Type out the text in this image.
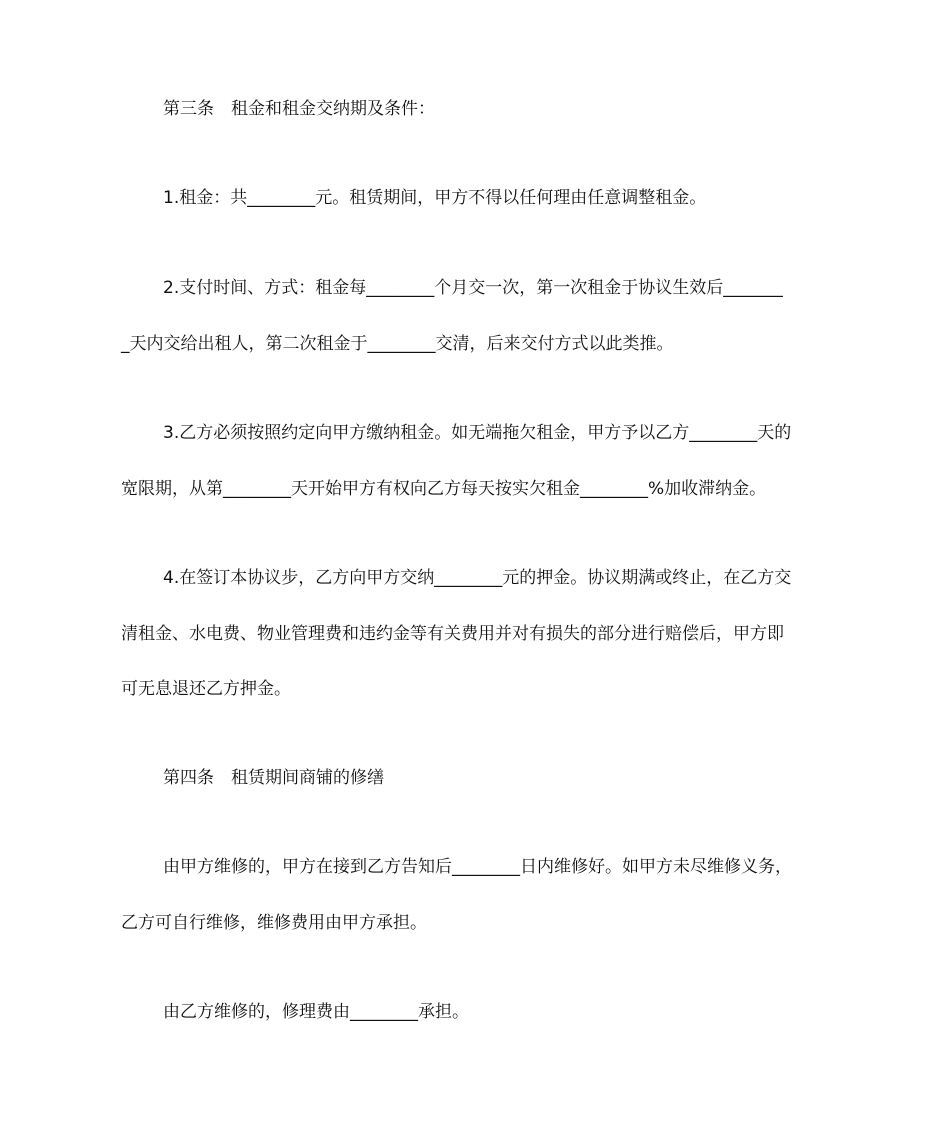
第三条　租金和租金交纳期及条件：
1.租金：共________元。租赁期间，甲方不得以任何理由任意调整租金。
2.支付时间、方式：租金每________个月交一次，第一次租金于协议生效后_______
_天内交给出租人，第二次租金于________交清，后来交付方式以此类推。
3.乙方必须按照约定向甲方缴纳租金。如无端拖欠租金，甲方予以乙方________天的
宽限期，从第________天开始甲方有权向乙方每天按实欠租金________%加收滞纳金。
4.在签订本协议步，乙方向甲方交纳________元的押金。协议期满或终止，在乙方交
清租金、水电费、物业管理费和违约金等有关费用并对有损失的部分进行赔偿后，甲方即
可无息退还乙方押金。
第四条　租赁期间商铺的修缮
由甲方维修的，甲方在接到乙方告知后________日内维修好。如甲方未尽维修义务，
乙方可自行维修，维修费用由甲方承担。
由乙方维修的，修理费由________承担。
